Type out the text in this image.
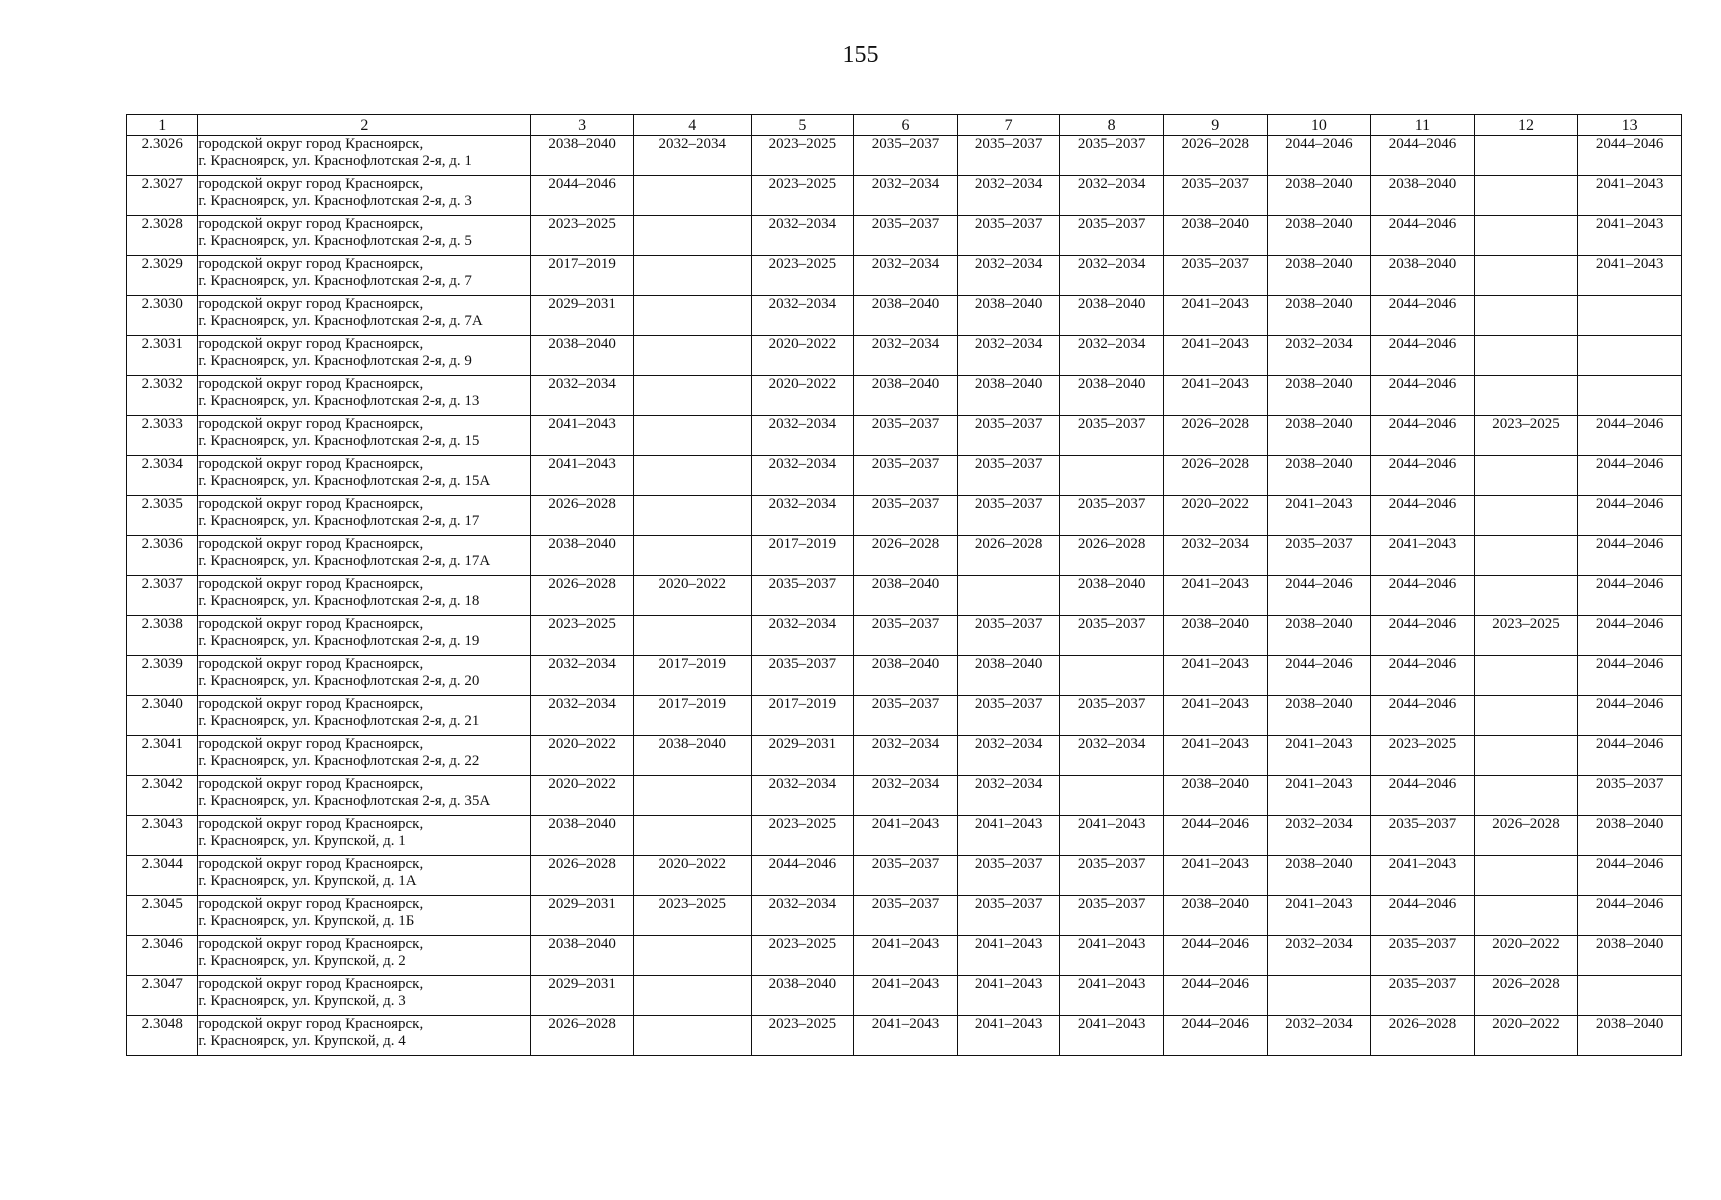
155
1	2	3	4	5	6	7	8	9	10	11	12	13
2.3026	городской округ город Красноярск,
г. Красноярск, ул. Краснофлотская 2-я, д. 1	2038–2040	2032–2034	2023–2025	2035–2037	2035–2037	2035–2037	2026–2028	2044–2046	2044–2046		2044–2046
2.3027	городской округ город Красноярск,
г. Красноярск, ул. Краснофлотская 2-я, д. 3	2044–2046		2023–2025	2032–2034	2032–2034	2032–2034	2035–2037	2038–2040	2038–2040		2041–2043
2.3028	городской округ город Красноярск,
г. Красноярск, ул. Краснофлотская 2-я, д. 5	2023–2025		2032–2034	2035–2037	2035–2037	2035–2037	2038–2040	2038–2040	2044–2046		2041–2043
2.3029	городской округ город Красноярск,
г. Красноярск, ул. Краснофлотская 2-я, д. 7	2017–2019		2023–2025	2032–2034	2032–2034	2032–2034	2035–2037	2038–2040	2038–2040		2041–2043
2.3030	городской округ город Красноярск,
г. Красноярск, ул. Краснофлотская 2-я, д. 7А	2029–2031		2032–2034	2038–2040	2038–2040	2038–2040	2041–2043	2038–2040	2044–2046		
2.3031	городской округ город Красноярск,
г. Красноярск, ул. Краснофлотская 2-я, д. 9	2038–2040		2020–2022	2032–2034	2032–2034	2032–2034	2041–2043	2032–2034	2044–2046		
2.3032	городской округ город Красноярск,
г. Красноярск, ул. Краснофлотская 2-я, д. 13	2032–2034		2020–2022	2038–2040	2038–2040	2038–2040	2041–2043	2038–2040	2044–2046		
2.3033	городской округ город Красноярск,
г. Красноярск, ул. Краснофлотская 2-я, д. 15	2041–2043		2032–2034	2035–2037	2035–2037	2035–2037	2026–2028	2038–2040	2044–2046	2023–2025	2044–2046
2.3034	городской округ город Красноярск,
г. Красноярск, ул. Краснофлотская 2-я, д. 15А	2041–2043		2032–2034	2035–2037	2035–2037		2026–2028	2038–2040	2044–2046		2044–2046
2.3035	городской округ город Красноярск,
г. Красноярск, ул. Краснофлотская 2-я, д. 17	2026–2028		2032–2034	2035–2037	2035–2037	2035–2037	2020–2022	2041–2043	2044–2046		2044–2046
2.3036	городской округ город Красноярск,
г. Красноярск, ул. Краснофлотская 2-я, д. 17А	2038–2040		2017–2019	2026–2028	2026–2028	2026–2028	2032–2034	2035–2037	2041–2043		2044–2046
2.3037	городской округ город Красноярск,
г. Красноярск, ул. Краснофлотская 2-я, д. 18	2026–2028	2020–2022	2035–2037	2038–2040		2038–2040	2041–2043	2044–2046	2044–2046		2044–2046
2.3038	городской округ город Красноярск,
г. Красноярск, ул. Краснофлотская 2-я, д. 19	2023–2025		2032–2034	2035–2037	2035–2037	2035–2037	2038–2040	2038–2040	2044–2046	2023–2025	2044–2046
2.3039	городской округ город Красноярск,
г. Красноярск, ул. Краснофлотская 2-я, д. 20	2032–2034	2017–2019	2035–2037	2038–2040	2038–2040		2041–2043	2044–2046	2044–2046		2044–2046
2.3040	городской округ город Красноярск,
г. Красноярск, ул. Краснофлотская 2-я, д. 21	2032–2034	2017–2019	2017–2019	2035–2037	2035–2037	2035–2037	2041–2043	2038–2040	2044–2046		2044–2046
2.3041	городской округ город Красноярск,
г. Красноярск, ул. Краснофлотская 2-я, д. 22	2020–2022	2038–2040	2029–2031	2032–2034	2032–2034	2032–2034	2041–2043	2041–2043	2023–2025		2044–2046
2.3042	городской округ город Красноярск,
г. Красноярск, ул. Краснофлотская 2-я, д. 35А	2020–2022		2032–2034	2032–2034	2032–2034		2038–2040	2041–2043	2044–2046		2035–2037
2.3043	городской округ город Красноярск,
г. Красноярск, ул. Крупской, д. 1	2038–2040		2023–2025	2041–2043	2041–2043	2041–2043	2044–2046	2032–2034	2035–2037	2026–2028	2038–2040
2.3044	городской округ город Красноярск,
г. Красноярск, ул. Крупской, д. 1А	2026–2028	2020–2022	2044–2046	2035–2037	2035–2037	2035–2037	2041–2043	2038–2040	2041–2043		2044–2046
2.3045	городской округ город Красноярск,
г. Красноярск, ул. Крупской, д. 1Б	2029–2031	2023–2025	2032–2034	2035–2037	2035–2037	2035–2037	2038–2040	2041–2043	2044–2046		2044–2046
2.3046	городской округ город Красноярск,
г. Красноярск, ул. Крупской, д. 2	2038–2040		2023–2025	2041–2043	2041–2043	2041–2043	2044–2046	2032–2034	2035–2037	2020–2022	2038–2040
2.3047	городской округ город Красноярск,
г. Красноярск, ул. Крупской, д. 3	2029–2031		2038–2040	2041–2043	2041–2043	2041–2043	2044–2046		2035–2037	2026–2028	
2.3048	городской округ город Красноярск,
г. Красноярск, ул. Крупской, д. 4	2026–2028		2023–2025	2041–2043	2041–2043	2041–2043	2044–2046	2032–2034	2026–2028	2020–2022	2038–2040
